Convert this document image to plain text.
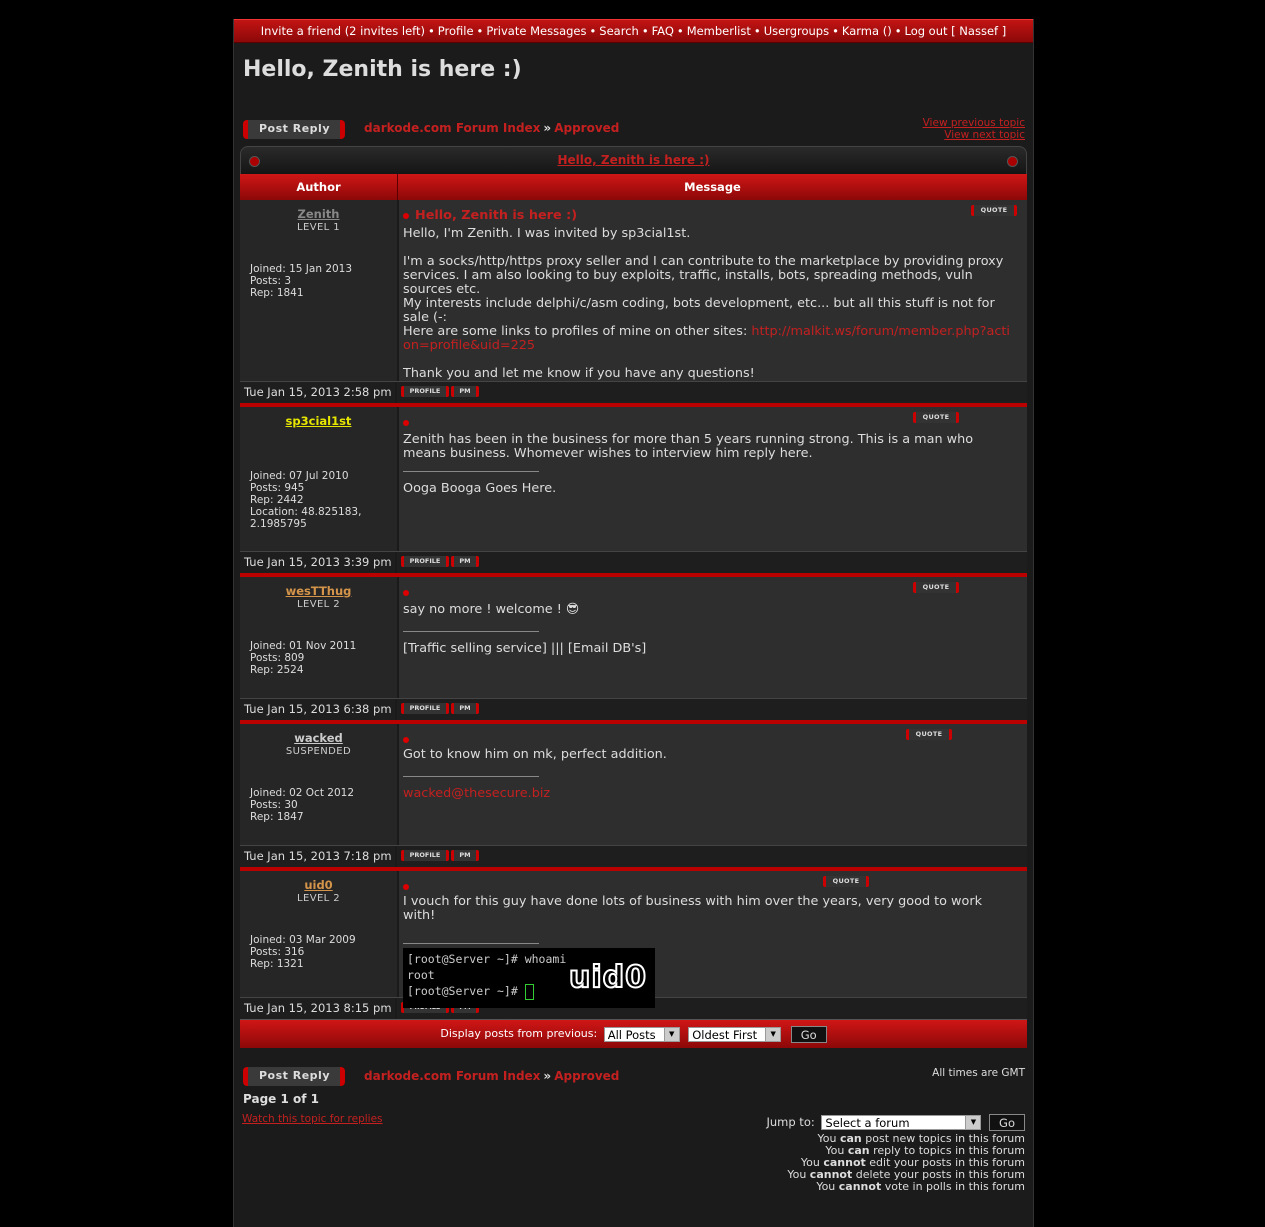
Invite a friend (2 invites left) • Profile • Private Messages • Search • FAQ • Memberlist • Usergroups • Karma () • Log out [ Nassef ]
Hello, Zenith is here :)
Post Reply	darkode.com Forum Index » Approved	View previous topic
View next topic
Hello, Zenith is here :)
Author	Message
Zenith
LEVEL 1
Joined: 15 Jan 2013
Posts: 3
Rep: 1841
QUOTE
Hello, Zenith is here :)
Hello, I'm Zenith. I was invited by sp3cial1st.
I'm a socks/http/https proxy seller and I can contribute to the marketplace by providing proxy services. I am also looking to buy exploits, traffic, installs, bots, spreading methods, vuln sources etc.
My interests include delphi/c/asm coding, bots development, etc... but all this stuff is not for sale (-:
Here are some links to profiles of mine on other sites: http://malkit.ws/forum/member.php?action=profile&uid=225
Thank you and let me know if you have any questions!
Tue Jan 15, 2013 2:58 pm	PROFILE	PM
sp3cial1st
Joined: 07 Jul 2010
Posts: 945
Rep: 2442
Location: 48.825183, 2.1985795
QUOTE
Zenith has been in the business for more than 5 years running strong. This is a man who means business. Whomever wishes to interview him reply here.
Ooga Booga Goes Here.
Tue Jan 15, 2013 3:39 pm	PROFILE	PM
wesTThug
LEVEL 2
Joined: 01 Nov 2011
Posts: 809
Rep: 2524
QUOTE
say no more ! welcome ! 😎
[Traffic selling service] ||| [Email DB's]
Tue Jan 15, 2013 6:38 pm	PROFILE	PM
wacked
SUSPENDED
Joined: 02 Oct 2012
Posts: 30
Rep: 1847
QUOTE
Got to know him on mk, perfect addition.
wacked@thesecure.biz
Tue Jan 15, 2013 7:18 pm	PROFILE	PM
uid0
LEVEL 2
Joined: 03 Mar 2009
Posts: 316
Rep: 1321
QUOTE
I vouch for this guy have done lots of business with him over the years, very good to work with!
[root@Server ~]# whoami
root
[root@Server ~]#	uid0
Tue Jan 15, 2013 8:15 pm
Display posts from previous: All Posts	▼	Oldest First	▼	Go
Post Reply	darkode.com Forum Index » Approved	All times are GMT
Page 1 of 1
Watch this topic for replies	Jump to: Select a forum	▼	Go
You can post new topics in this forum
You can reply to topics in this forum
You cannot edit your posts in this forum
You cannot delete your posts in this forum
You cannot vote in polls in this forum
